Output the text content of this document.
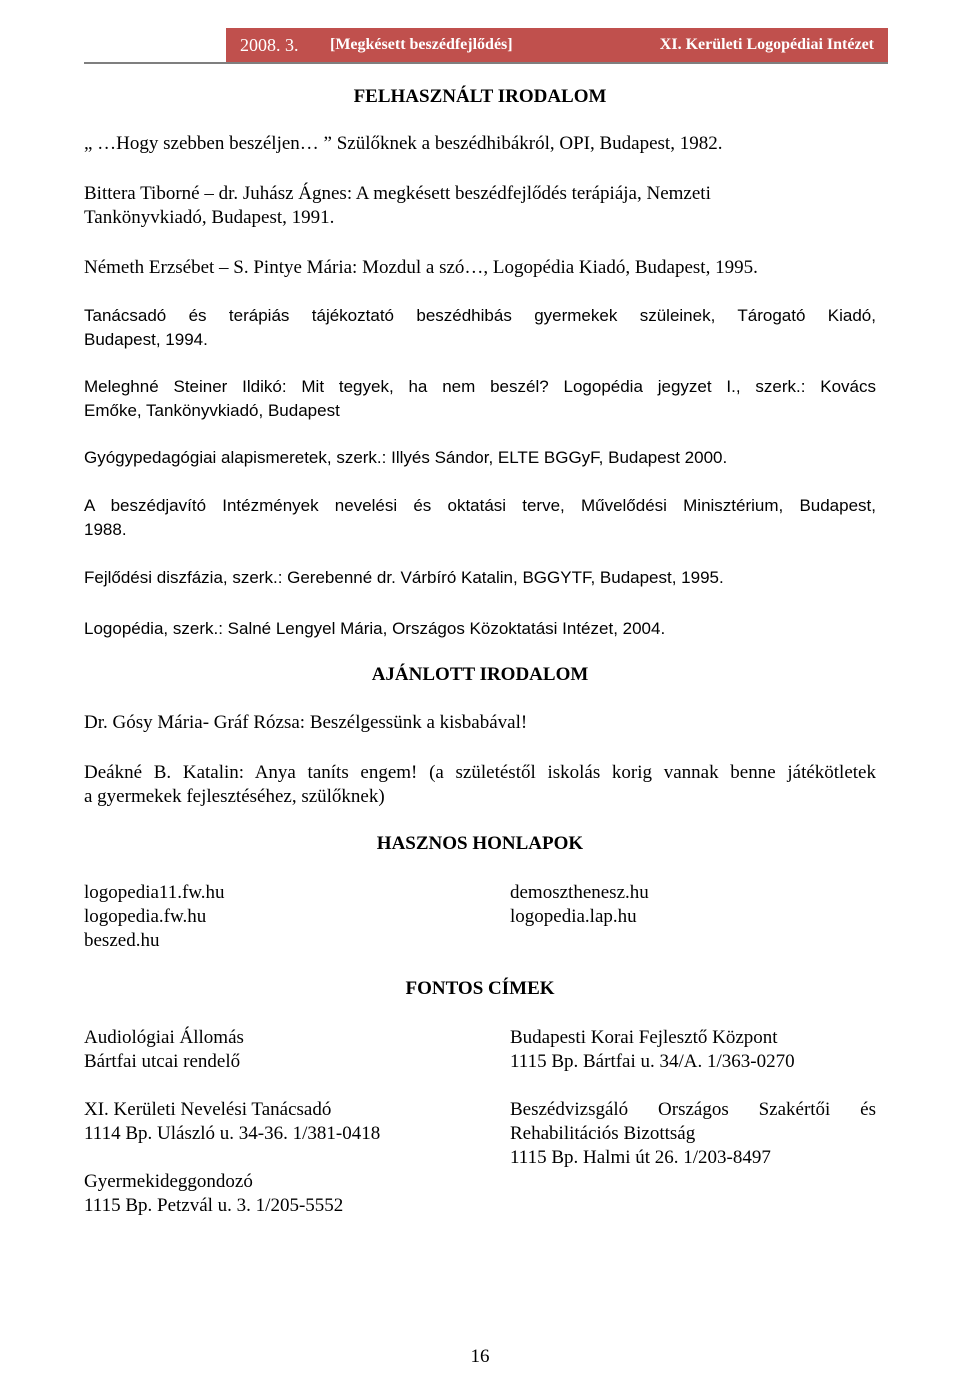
2008. 3. [Megkésett beszédfejlődés]	XI. Kerületi Logopédiai Intézet
FELHASZNÁLT IRODALOM
„ …Hogy szebben beszéljen… ” Szülőknek a beszédhibákról, OPI, Budapest, 1982.
Bittera Tiborné – dr. Juhász Ágnes: A megkésett beszédfejlődés terápiája, Nemzeti
Tankönyvkiadó, Budapest, 1991.
Németh Erzsébet – S. Pintye Mária: Mozdul a szó…, Logopédia Kiadó, Budapest, 1995.
Tanácsadó és terápiás tájékoztató beszédhibás gyermekek szüleinek, Tárogató Kiadó,
Budapest, 1994.
Meleghné Steiner Ildikó: Mit tegyek, ha nem beszél? Logopédia jegyzet I., szerk.: Kovács
Emőke, Tankönyvkiadó, Budapest
Gyógypedagógiai alapismeretek, szerk.: Illyés Sándor, ELTE BGGyF, Budapest 2000.
A beszédjavító Intézmények nevelési és oktatási terve, Művelődési Minisztérium, Budapest,
1988.
Fejlődési diszfázia, szerk.: Gerebenné dr. Várbíró Katalin, BGGYTF, Budapest, 1995.
Logopédia, szerk.: Salné Lengyel Mária, Országos Közoktatási Intézet, 2004.
AJÁNLOTT IRODALOM
Dr. Gósy Mária- Gráf Rózsa: Beszélgessünk a kisbabával!
Deákné B. Katalin: Anya taníts engem! (a születéstől iskolás korig vannak benne játékötletek
a gyermekek fejlesztéséhez, szülőknek)
HASZNOS HONLAPOK
logopedia11.fw.hu
logopedia.fw.hu
beszed.hu
demoszthenesz.hu
logopedia.lap.hu
FONTOS CÍMEK
Audiológiai Állomás
Bártfai utcai rendelő
Budapesti Korai Fejlesztő Központ
1115 Bp. Bártfai u. 34/A. 1/363-0270
XI. Kerületi Nevelési Tanácsadó
1114 Bp. Ulászló u. 34-36. 1/381-0418
Beszédvizsgáló Országos Szakértői és
Rehabilitációs Bizottság
1115 Bp. Halmi út 26. 1/203-8497
Gyermekideggondozó
1115 Bp. Petzvál u. 3. 1/205-5552
16
